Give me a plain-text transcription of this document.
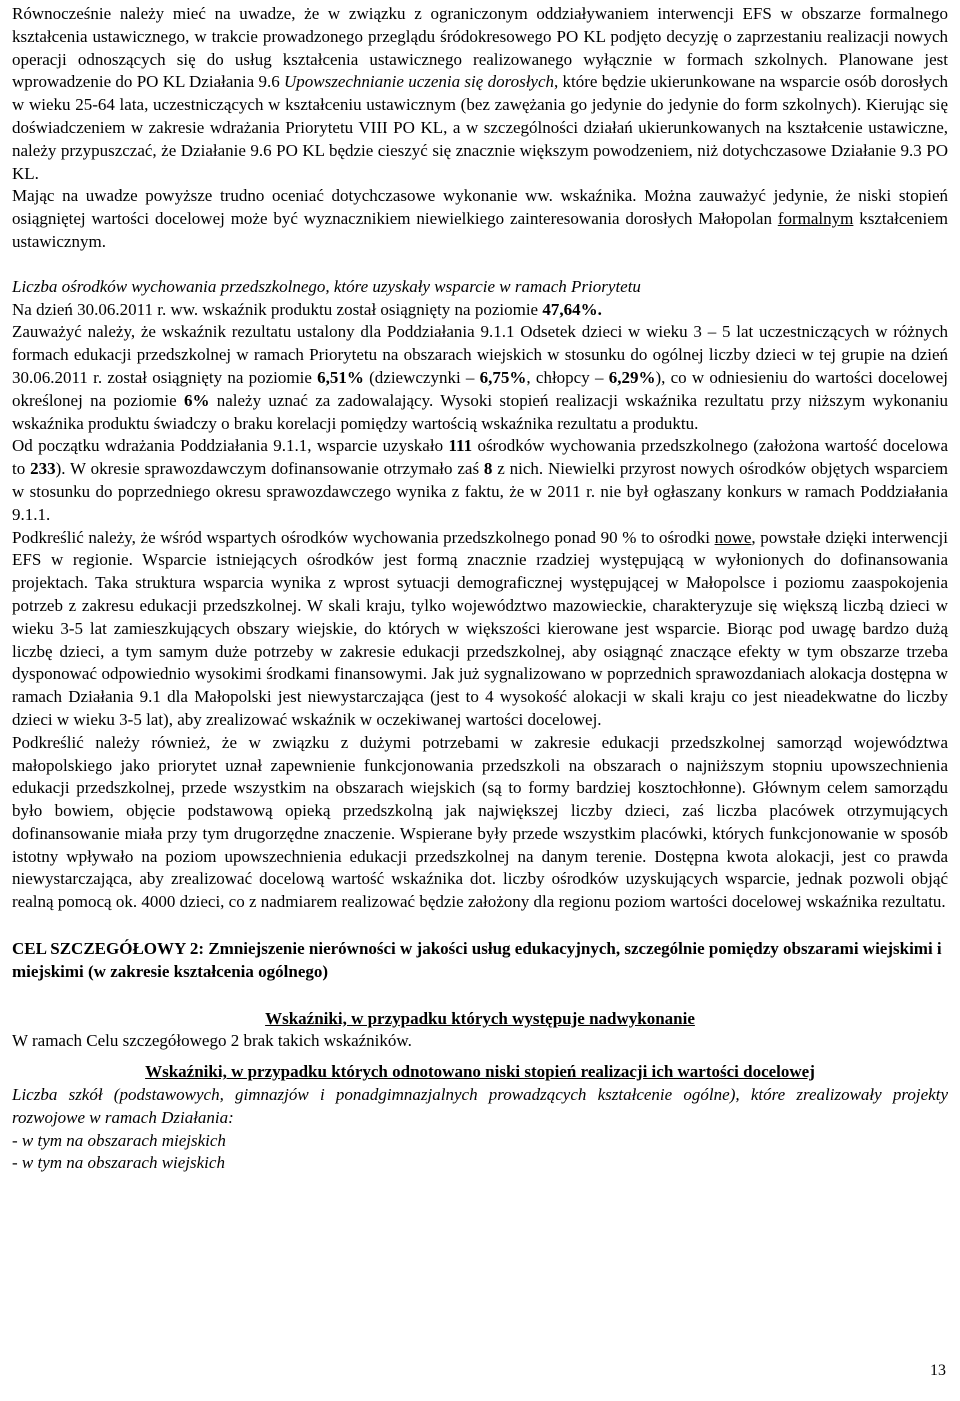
Równocześnie należy mieć na uwadze, że w związku z ograniczonym oddziaływaniem interwencji EFS w obszarze formalnego kształcenia ustawicznego, w trakcie prowadzonego przeglądu śródokresowego PO KL podjęto decyzję o zaprzestaniu realizacji nowych operacji odnoszących się do usług kształcenia ustawicznego realizowanego wyłącznie w formach szkolnych. Planowane jest wprowadzenie do PO KL Działania 9.6 Upowszechnianie uczenia się dorosłych, które będzie ukierunkowane na wsparcie osób dorosłych w wieku 25-64 lata, uczestniczących w kształceniu ustawicznym (bez zawężania go jedynie do jedynie do form szkolnych). Kierując się doświadczeniem w zakresie wdrażania Priorytetu VIII PO KL, a w szczególności działań ukierunkowanych na kształcenie ustawiczne, należy przypuszczać, że Działanie 9.6 PO KL będzie cieszyć się znacznie większym powodzeniem, niż dotychczasowe Działanie 9.3 PO KL.

Mając na uwadze powyższe trudno oceniać dotychczasowe wykonanie ww. wskaźnika. Można zauważyć jedynie, że niski stopień osiągniętej wartości docelowej może być wyznacznikiem niewielkiego zainteresowania dorosłych Małopolan formalnym kształceniem ustawicznym.

Liczba ośrodków wychowania przedszkolnego, które uzyskały wsparcie w ramach Priorytetu

Na dzień 30.06.2011 r. ww. wskaźnik produktu został osiągnięty na poziomie 47,64%.

Zauważyć należy, że wskaźnik rezultatu ustalony dla Poddziałania 9.1.1 Odsetek dzieci w wieku 3 – 5 lat uczestniczących w różnych formach edukacji przedszkolnej w ramach Priorytetu na obszarach wiejskich w stosunku do ogólnej liczby dzieci w tej grupie na dzień 30.06.2011 r. został osiągnięty na poziomie 6,51% (dziewczynki – 6,75%, chłopcy – 6,29%), co w odniesieniu do wartości docelowej określonej na poziomie 6% należy uznać za zadowalający. Wysoki stopień realizacji wskaźnika rezultatu przy niższym wykonaniu wskaźnika produktu świadczy o braku korelacji pomiędzy wartością wskaźnika rezultatu a produktu.

Od początku wdrażania Poddziałania 9.1.1, wsparcie uzyskało 111 ośrodków wychowania przedszkolnego (założona wartość docelowa to 233). W okresie sprawozdawczym dofinansowanie otrzymało zaś 8 z nich. Niewielki przyrost nowych ośrodków objętych wsparciem w stosunku do poprzedniego okresu sprawozdawczego wynika z faktu, że w 2011 r. nie był ogłaszany konkurs w ramach Poddziałania 9.1.1.

Podkreślić należy, że wśród wspartych ośrodków wychowania przedszkolnego ponad 90 % to ośrodki nowe, powstałe dzięki interwencji EFS w regionie. Wsparcie istniejących ośrodków jest formą znacznie rzadziej występującą w wyłonionych do dofinansowania projektach. Taka struktura wsparcia wynika z wprost sytuacji demograficznej występującej w Małopolsce i poziomu zaaspokojenia potrzeb z zakresu edukacji przedszkolnej. W skali kraju, tylko województwo mazowieckie, charakteryzuje się większą liczbą dzieci w wieku 3-5 lat zamieszkujących obszary wiejskie, do których w większości kierowane jest wsparcie. Biorąc pod uwagę bardzo dużą liczbę dzieci, a tym samym duże potrzeby w zakresie edukacji przedszkolnej, aby osiągnąć znaczące efekty w tym obszarze trzeba dysponować odpowiednio wysokimi środkami finansowymi. Jak już sygnalizowano w poprzednich sprawozdaniach alokacja dostępna w ramach Działania 9.1 dla Małopolski jest niewystarczająca (jest to 4 wysokość alokacji w skali kraju co jest nieadekwatne do liczby dzieci w wieku 3-5 lat), aby zrealizować wskaźnik w oczekiwanej wartości docelowej.

Podkreślić należy również, że w związku z dużymi potrzebami w zakresie edukacji przedszkolnej samorząd województwa małopolskiego jako priorytet uznał zapewnienie funkcjonowania przedszkoli na obszarach o najniższym stopniu upowszechnienia edukacji przedszkolnej, przede wszystkim na obszarach wiejskich (są to formy bardziej kosztochłonne). Głównym celem samorządu było bowiem, objęcie podstawową opieką przedszkolną jak największej liczby dzieci, zaś liczba placówek otrzymujących dofinansowanie miała przy tym drugorzędne znaczenie. Wspierane były przede wszystkim placówki, których funkcjonowanie w sposób istotny wpływało na poziom upowszechnienia edukacji przedszkolnej na danym terenie. Dostępna kwota alokacji, jest co prawda niewystarczająca, aby zrealizować docelową wartość wskaźnika dot. liczby ośrodków uzyskujących wsparcie, jednak pozwoli objąć realną pomocą ok. 4000 dzieci, co z nadmiarem realizować będzie założony dla regionu poziom wartości docelowej wskaźnika rezultatu.

CEL SZCZEGÓŁOWY 2: Zmniejszenie nierówności w jakości usług edukacyjnych, szczególnie pomiędzy obszarami wiejskimi i miejskimi (w zakresie kształcenia ogólnego)

Wskaźniki, w przypadku których występuje nadwykonanie

W ramach Celu szczegółowego 2 brak takich wskaźników.

Wskaźniki, w przypadku których odnotowano niski stopień realizacji ich wartości docelowej

Liczba szkół (podstawowych, gimnazjów i ponadgimnazjalnych prowadzących kształcenie ogólne), które zrealizowały projekty rozwojowe w ramach Działania:

- w tym na obszarach miejskich

- w tym na obszarach wiejskich

13
